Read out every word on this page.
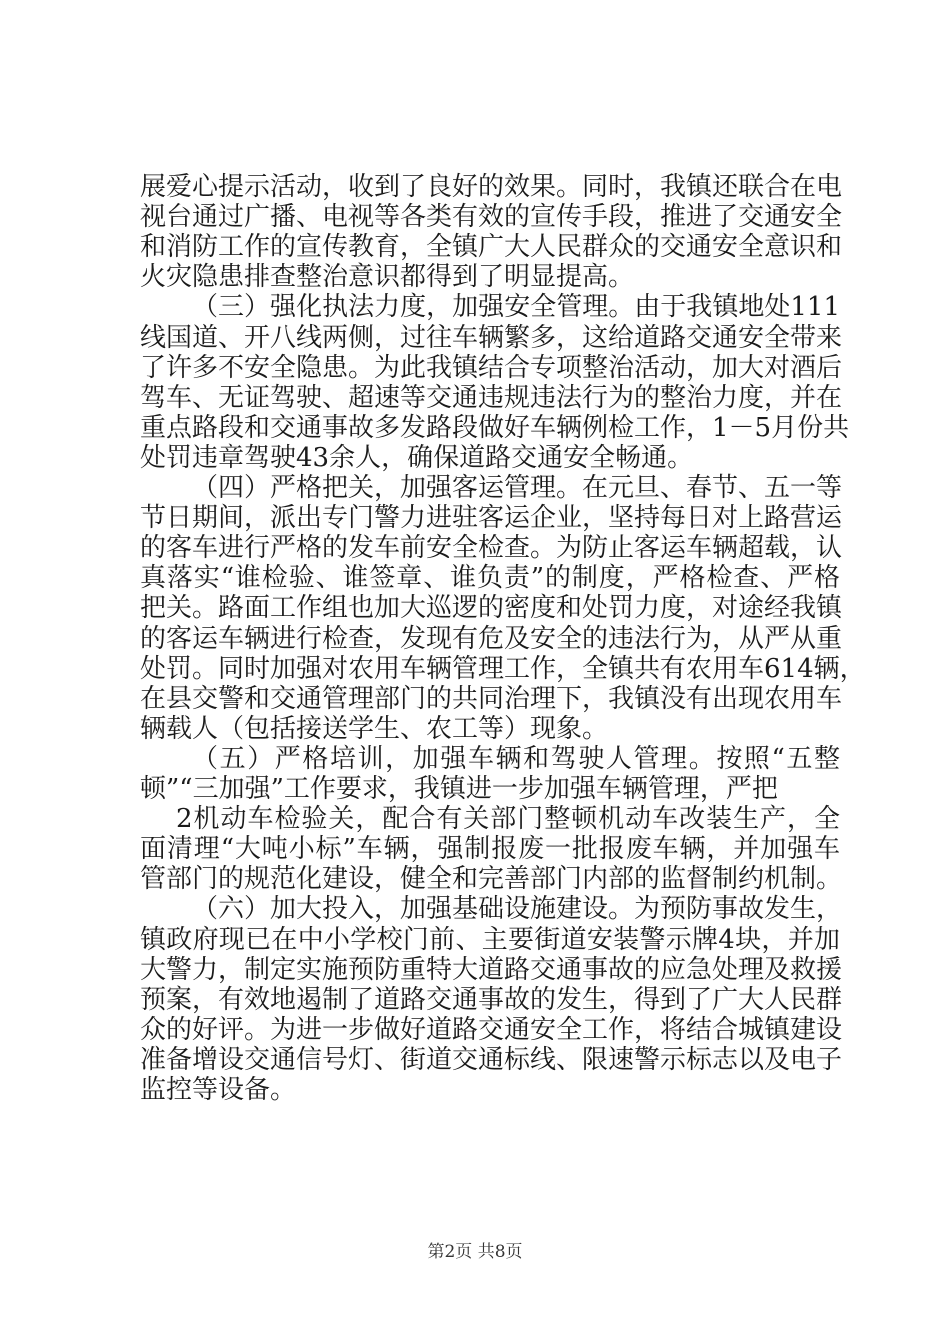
展爱心提示活动，收到了良好的效果。同时，我镇还联合在电
视台通过广播、电视等各类有效的宣传手段，推进了交通安全
和消防工作的宣传教育，全镇广大人民群众的交通安全意识和
火灾隐患排查整治意识都得到了明显提高。
（三）强化执法力度，加强安全管理。由于我镇地处111
线国道、开八线两侧，过往车辆繁多，这给道路交通安全带来
了许多不安全隐患。为此我镇结合专项整治活动，加大对酒后
驾车、无证驾驶、超速等交通违规违法行为的整治力度，并在
重点路段和交通事故多发路段做好车辆例检工作，1－5月份共
处罚违章驾驶43余人，确保道路交通安全畅通。
（四）严格把关，加强客运管理。在元旦、春节、五一等
节日期间，派出专门警力进驻客运企业，坚持每日对上路营运
的客车进行严格的发车前安全检查。为防止客运车辆超载，认
真落实“谁检验、谁签章、谁负责”的制度，严格检查、严格
把关。路面工作组也加大巡逻的密度和处罚力度，对途经我镇
的客运车辆进行检查，发现有危及安全的违法行为，从严从重
处罚。同时加强对农用车辆管理工作，全镇共有农用车614辆，
在县交警和交通管理部门的共同治理下，我镇没有出现农用车
辆载人（包括接送学生、农工等）现象。
（五）严格培训，加强车辆和驾驶人管理。按照“五整
顿”“三加强”工作要求，我镇进一步加强车辆管理，严把
2机动车检验关，配合有关部门整顿机动车改装生产，全
面清理“大吨小标”车辆，强制报废一批报废车辆，并加强车
管部门的规范化建设，健全和完善部门内部的监督制约机制。
（六）加大投入，加强基础设施建设。为预防事故发生，
镇政府现已在中小学校门前、主要街道安装警示牌4块，并加
大警力，制定实施预防重特大道路交通事故的应急处理及救援
预案，有效地遏制了道路交通事故的发生，得到了广大人民群
众的好评。为进一步做好道路交通安全工作，将结合城镇建设
准备增设交通信号灯、街道交通标线、限速警示标志以及电子
监控等设备。
第2页 共8页
